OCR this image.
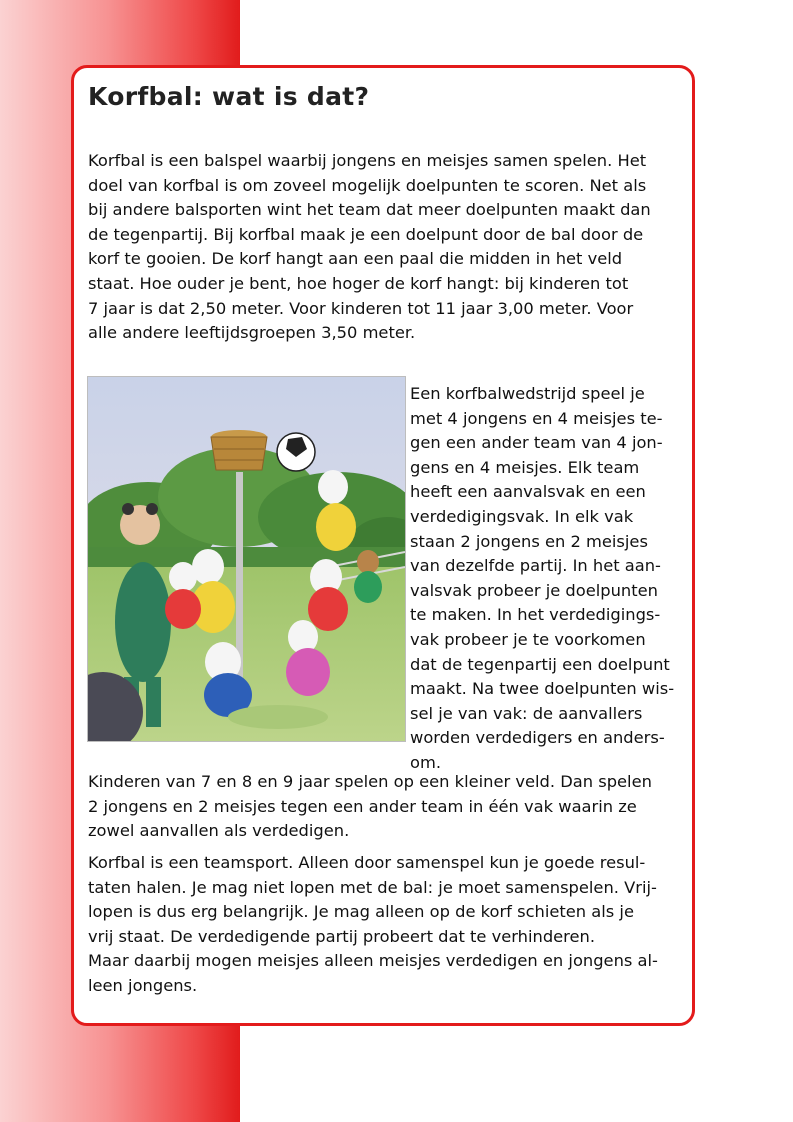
Korfbal: wat is dat?

Korfbal is een balspel waarbij jongens en meisjes samen spelen. Het
doel van korfbal is om zoveel mogelijk doelpunten te scoren. Net als
bij andere balsporten wint het team dat meer doelpunten maakt dan
de tegenpartij. Bij korfbal maak je een doelpunt door de bal door de
korf te gooien. De korf hangt aan een paal die midden in het veld
staat. Hoe ouder je bent, hoe hoger de korf hangt: bij kinderen tot
7 jaar is dat 2,50 meter. Voor kinderen tot 11 jaar 3,00 meter. Voor
alle andere leeftijdsgroepen 3,50 meter.

Een korfbalwedstrijd speel je
met 4 jongens en 4 meisjes te-
gen een ander team van 4 jon-
gens en 4 meisjes. Elk team
heeft een aanvalsvak en een
verdedigingsvak. In elk vak
staan 2 jongens en 2 meisjes
van dezelfde partij. In het aan-
valsvak probeer je doelpunten
te maken. In het verdedigings-
vak probeer je te voorkomen
dat de tegenpartij een doelpunt
maakt. Na twee doelpunten wis-
sel je van vak: de aanvallers
worden verdedigers en anders-
om.

Kinderen van 7 en 8 en 9 jaar spelen op een kleiner veld. Dan spelen
2 jongens en 2 meisjes tegen een ander team in één vak waarin ze
zowel aanvallen als verdedigen.

Korfbal is een teamsport. Alleen door samenspel kun je goede resul-
taten halen. Je mag niet lopen met de bal: je moet samenspelen. Vrij-
lopen is dus erg belangrijk. Je mag alleen op de korf schieten als je
vrij staat. De verdedigende partij probeert dat te verhinderen.
Maar daarbij mogen meisjes alleen meisjes verdedigen en jongens al-
leen jongens.
